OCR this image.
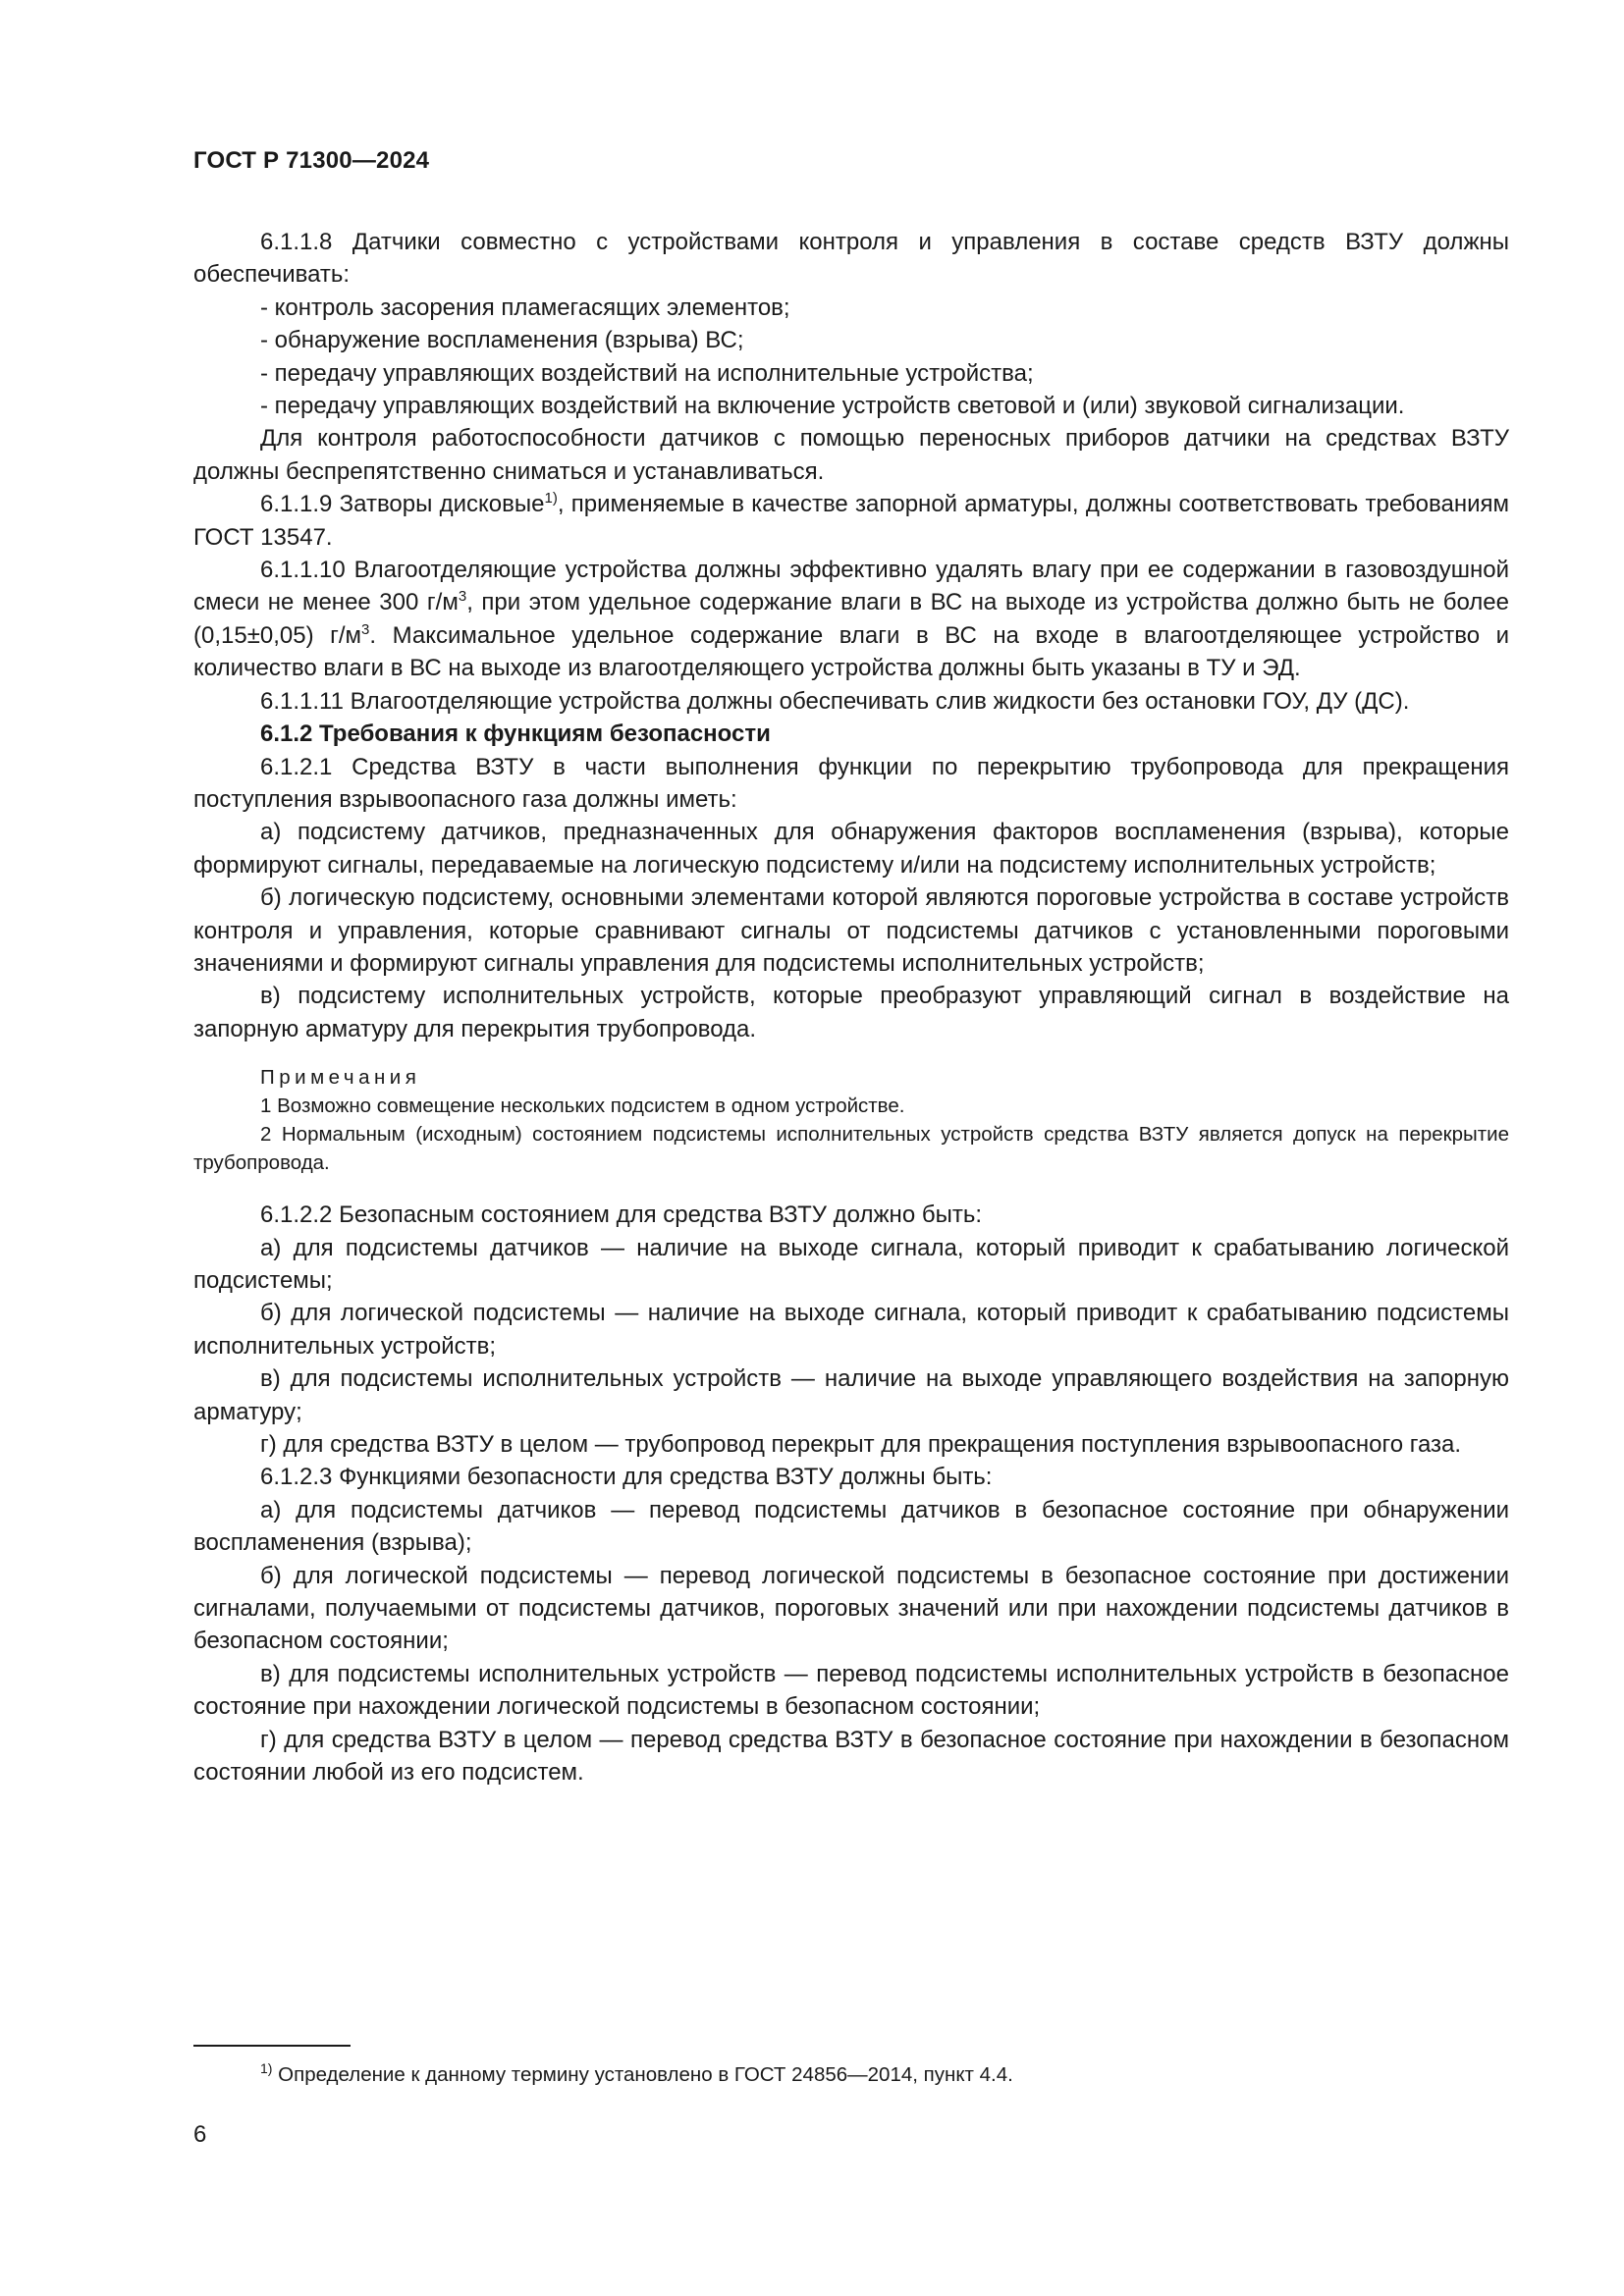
ГОСТ Р 71300—2024

6.1.1.8 Датчики совместно с устройствами контроля и управления в составе средств ВЗТУ должны обеспечивать:

- контроль засорения пламегасящих элементов;

- обнаружение воспламенения (взрыва) ВС;

- передачу управляющих воздействий на исполнительные устройства;

- передачу управляющих воздействий на включение устройств световой и (или) звуковой сигнализации.

Для контроля работоспособности датчиков с помощью переносных приборов датчики на средствах ВЗТУ должны беспрепятственно сниматься и устанавливаться.

6.1.1.9 Затворы дисковые$^{1)}$, применяемые в качестве запорной арматуры, должны соответствовать требованиям ГОСТ 13547.

6.1.1.10 Влагоотделяющие устройства должны эффективно удалять влагу при ее содержании в газовоздушной смеси не менее 300 $г/м^3$, при этом удельное содержание влаги в ВС на выходе из устройства должно быть не более (0,15±0,05) $г/м^3$. Максимальное удельное содержание влаги в ВС на входе в влагоотделяющее устройство и количество влаги в ВС на выходе из влагоотделяющего устройства должны быть указаны в ТУ и ЭД.

6.1.1.11 Влагоотделяющие устройства должны обеспечивать слив жидкости без остановки ГОУ, ДУ (ДС).

6.1.2 Требования к функциям безопасности

6.1.2.1 Средства ВЗТУ в части выполнения функции по перекрытию трубопровода для прекращения поступления взрывоопасного газа должны иметь:

а) подсистему датчиков, предназначенных для обнаружения факторов воспламенения (взрыва), которые формируют сигналы, передаваемые на логическую подсистему и/или на подсистему исполнительных устройств;

б) логическую подсистему, основными элементами которой являются пороговые устройства в составе устройств контроля и управления, которые сравнивают сигналы от подсистемы датчиков с установленными пороговыми значениями и формируют сигналы управления для подсистемы исполнительных устройств;

в) подсистему исполнительных устройств, которые преобразуют управляющий сигнал в воздействие на запорную арматуру для перекрытия трубопровода.

Примечания

1 Возможно совмещение нескольких подсистем в одном устройстве.

2 Нормальным (исходным) состоянием подсистемы исполнительных устройств средства ВЗТУ является допуск на перекрытие трубопровода.

6.1.2.2 Безопасным состоянием для средства ВЗТУ должно быть:

а) для подсистемы датчиков — наличие на выходе сигнала, который приводит к срабатыванию логической подсистемы;

б) для логической подсистемы — наличие на выходе сигнала, который приводит к срабатыванию подсистемы исполнительных устройств;

в) для подсистемы исполнительных устройств — наличие на выходе управляющего воздействия на запорную арматуру;

г) для средства ВЗТУ в целом — трубопровод перекрыт для прекращения поступления взрывоопасного газа.

6.1.2.3 Функциями безопасности для средства ВЗТУ должны быть:

а) для подсистемы датчиков — перевод подсистемы датчиков в безопасное состояние при обнаружении воспламенения (взрыва);

б) для логической подсистемы — перевод логической подсистемы в безопасное состояние при достижении сигналами, получаемыми от подсистемы датчиков, пороговых значений или при нахождении подсистемы датчиков в безопасном состоянии;

в) для подсистемы исполнительных устройств — перевод подсистемы исполнительных устройств в безопасное состояние при нахождении логической подсистемы в безопасном состоянии;

г) для средства ВЗТУ в целом — перевод средства ВЗТУ в безопасное состояние при нахождении в безопасном состоянии любой из его подсистем.

$^{1)}$ Определение к данному термину установлено в ГОСТ 24856—2014, пункт 4.4.
6
